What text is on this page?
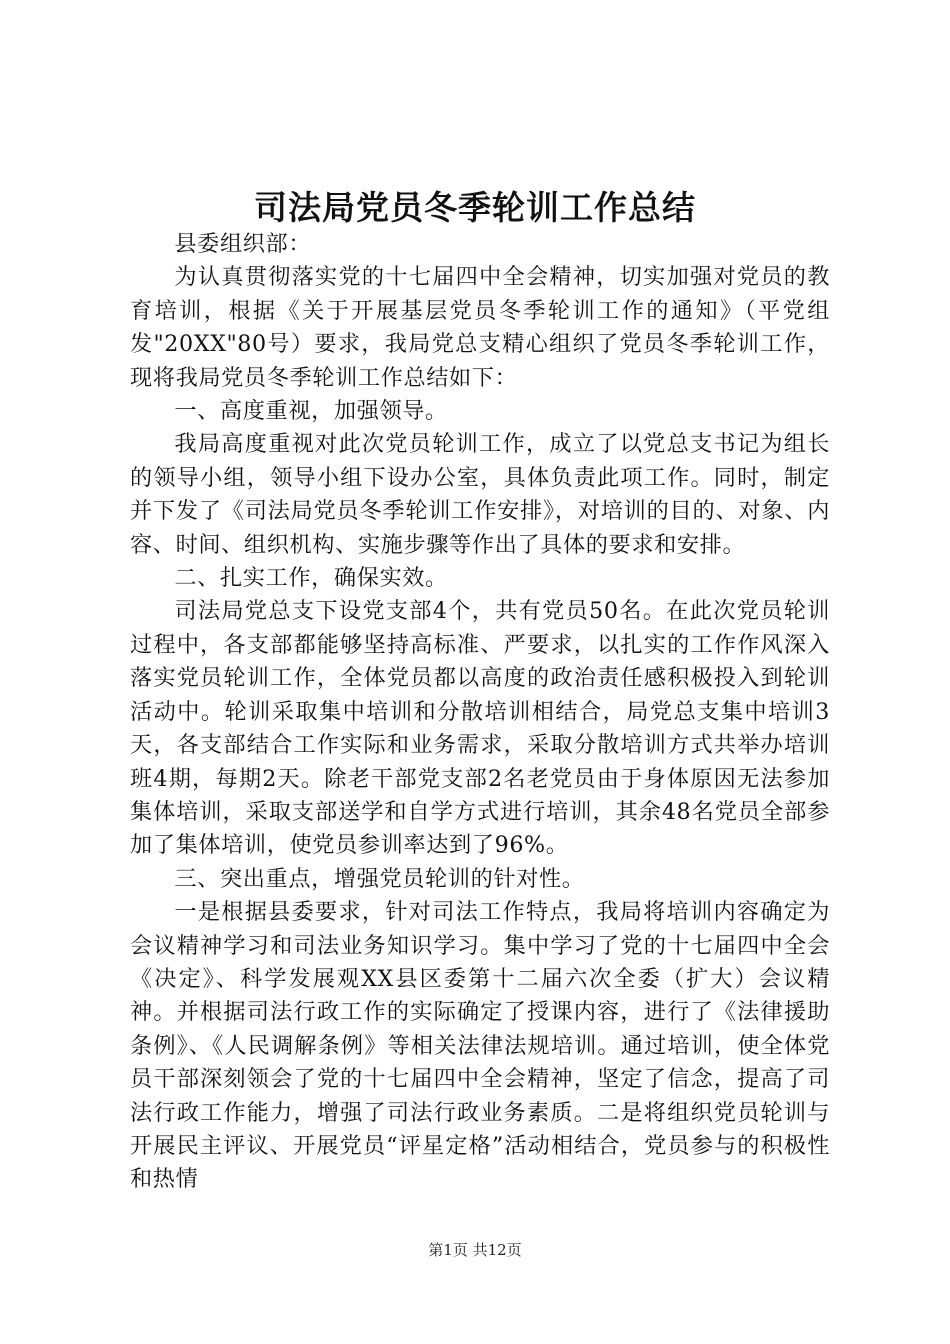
司法局党员冬季轮训工作总结

县委组织部：

为认真贯彻落实党的十七届四中全会精神，切实加强对党员的教育培训，根据《关于开展基层党员冬季轮训工作的通知》（平党组发"20XX"80号）要求，我局党总支精心组织了党员冬季轮训工作，现将我局党员冬季轮训工作总结如下：

一、高度重视，加强领导。

我局高度重视对此次党员轮训工作，成立了以党总支书记为组长的领导小组，领导小组下设办公室，具体负责此项工作。同时，制定并下发了《司法局党员冬季轮训工作安排》，对培训的目的、对象、内容、时间、组织机构、实施步骤等作出了具体的要求和安排。

二、扎实工作，确保实效。

司法局党总支下设党支部4个，共有党员50名。在此次党员轮训过程中，各支部都能够坚持高标准、严要求，以扎实的工作作风深入落实党员轮训工作，全体党员都以高度的政治责任感积极投入到轮训活动中。轮训采取集中培训和分散培训相结合，局党总支集中培训3天，各支部结合工作实际和业务需求，采取分散培训方式共举办培训班4期，每期2天。除老干部党支部2名老党员由于身体原因无法参加集体培训，采取支部送学和自学方式进行培训，其余48名党员全部参加了集体培训，使党员参训率达到了96%。

三、突出重点，增强党员轮训的针对性。

一是根据县委要求，针对司法工作特点，我局将培训内容确定为会议精神学习和司法业务知识学习。集中学习了党的十七届四中全会《决定》、科学发展观XX县区委第十二届六次全委（扩大）会议精神。并根据司法行政工作的实际确定了授课内容，进行了《法律援助条例》、《人民调解条例》等相关法律法规培训。通过培训，使全体党员干部深刻领会了党的十七届四中全会精神，坚定了信念，提高了司法行政工作能力，增强了司法行政业务素质。二是将组织党员轮训与开展民主评议、开展党员“评星定格”活动相结合，党员参与的积极性和热情

第1页 共12页
